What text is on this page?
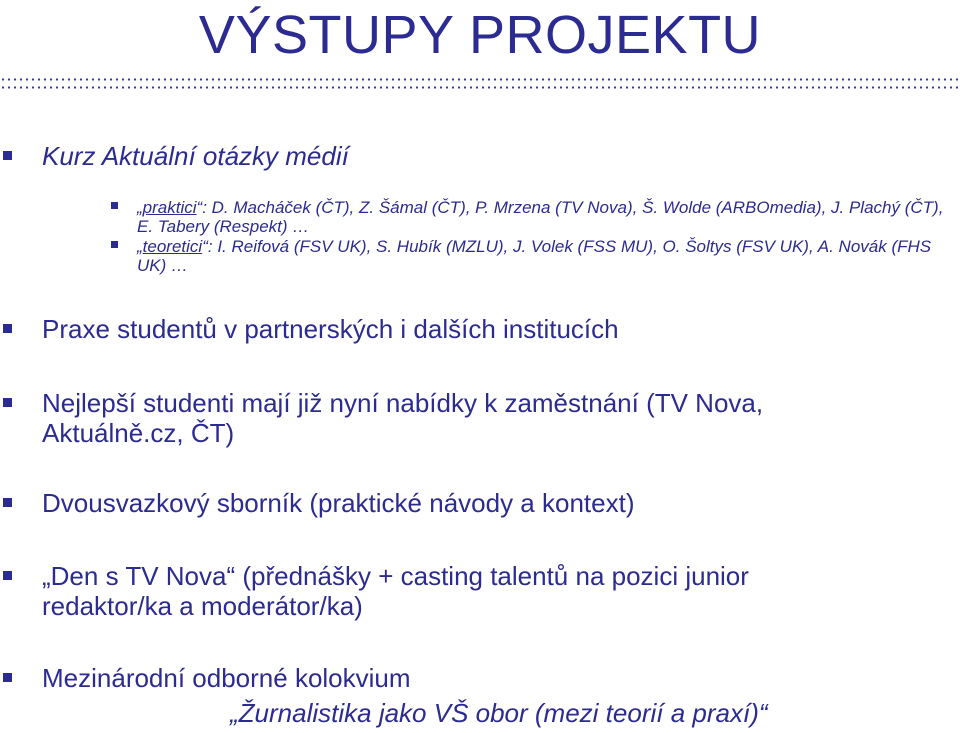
VÝSTUPY PROJEKTU
Kurz Aktuální otázky médií
„praktici“: D. Macháček (ČT), Z. Šámal (ČT), P. Mrzena (TV Nova), Š. Wolde (ARBOmedia), J. Plachý (ČT), E. Tabery (Respekt) …
„teoretici“: I. Reifová (FSV UK), S. Hubík (MZLU), J. Volek (FSS MU), O. Šoltys (FSV UK), A. Novák (FHS UK) …
Praxe studentů v partnerských i dalších institucích
Nejlepší studenti mají již nyní nabídky k zaměstnání (TV Nova,
Aktuálně.cz, ČT)
Dvousvazkový sborník (praktické návody a kontext)
„Den s TV Nova“ (přednášky + casting talentů na pozici junior
redaktor/ka a moderátor/ka)
Mezinárodní odborné kolokvium
„Žurnalistika jako VŠ obor (mezi teorií a praxí)“
